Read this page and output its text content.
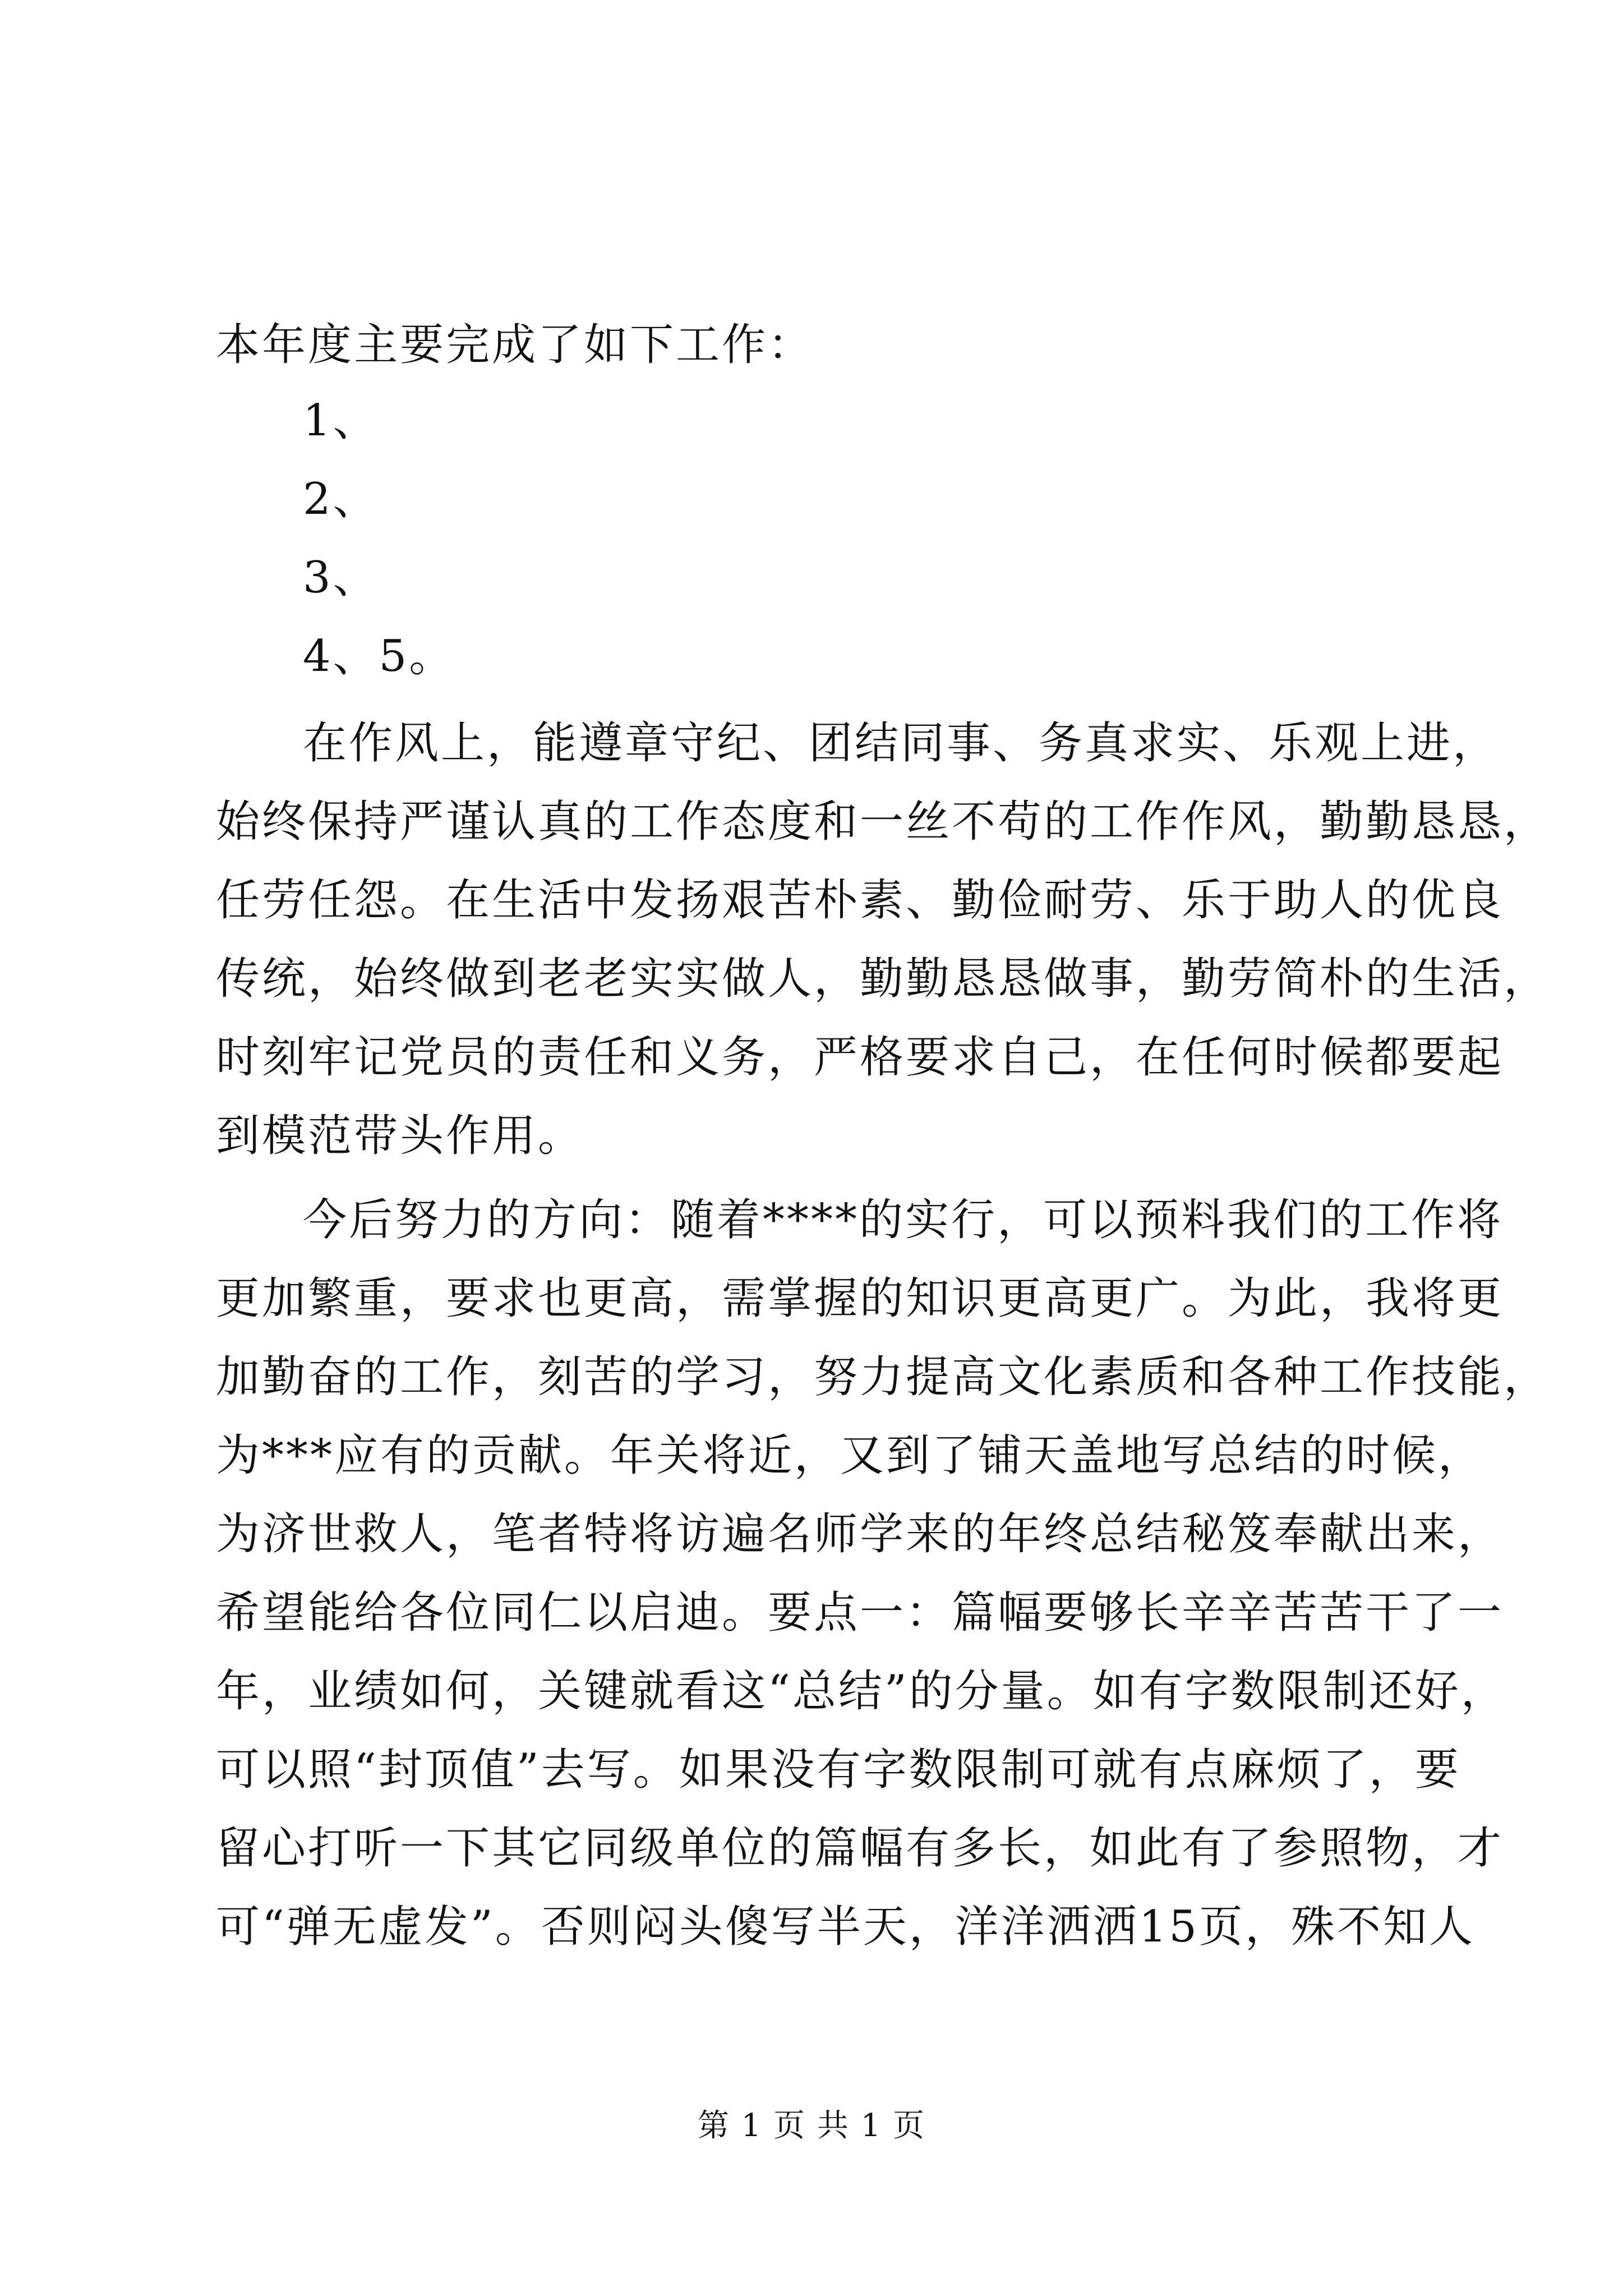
本年度主要完成了如下工作：
1、
2、
3、
4、5。
在作风上，能遵章守纪、团结同事、务真求实、乐观上进，
始终保持严谨认真的工作态度和一丝不苟的工作作风，勤勤恳恳，
任劳任怨。在生活中发扬艰苦朴素、勤俭耐劳、乐于助人的优良
传统，始终做到老老实实做人，勤勤恳恳做事，勤劳简朴的生活，
时刻牢记党员的责任和义务，严格要求自己，在任何时候都要起
到模范带头作用。
今后努力的方向：随着****的实行，可以预料我们的工作将
更加繁重，要求也更高，需掌握的知识更高更广。为此，我将更
加勤奋的工作，刻苦的学习，努力提高文化素质和各种工作技能，
为***应有的贡献。年关将近，又到了铺天盖地写总结的时候，
为济世救人，笔者特将访遍名师学来的年终总结秘笈奉献出来，
希望能给各位同仁以启迪。要点一：篇幅要够长辛辛苦苦干了一
年，业绩如何，关键就看这“总结”的分量。如有字数限制还好，
可以照“封顶值”去写。如果没有字数限制可就有点麻烦了，要
留心打听一下其它同级单位的篇幅有多长，如此有了参照物，才
可“弹无虚发”。否则闷头傻写半天，洋洋洒洒15页，殊不知人
第 1 页 共 1 页
